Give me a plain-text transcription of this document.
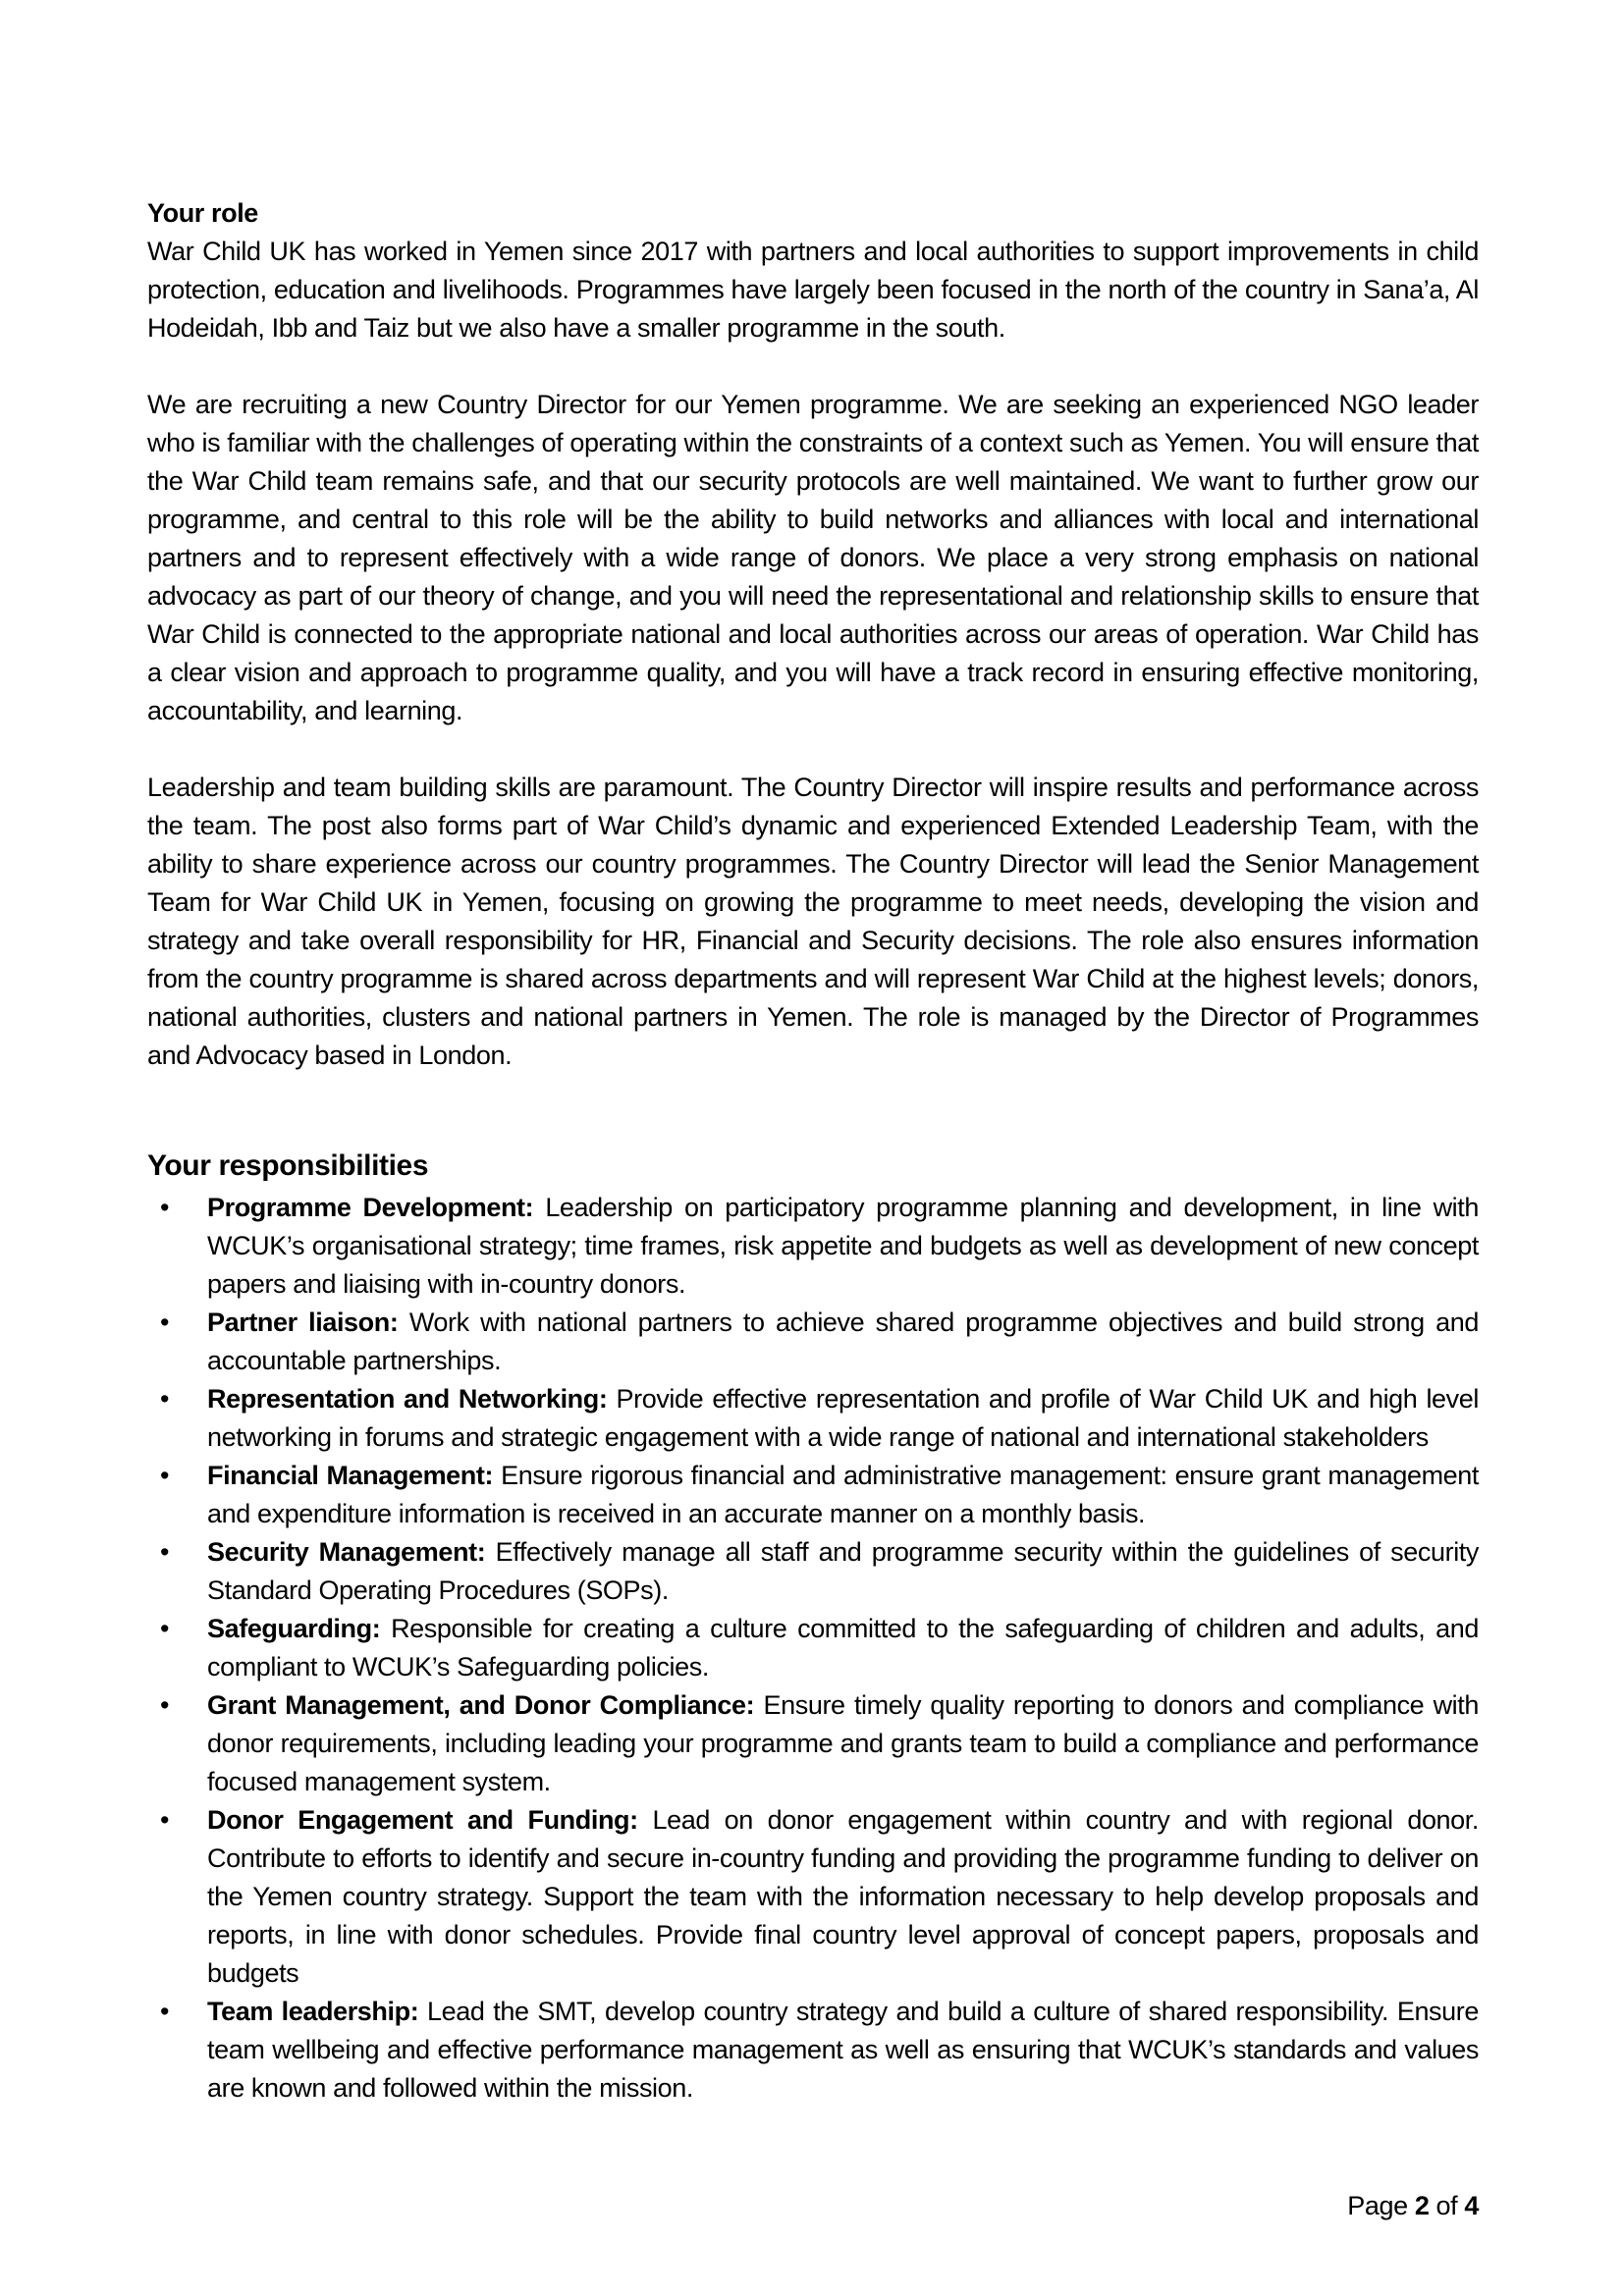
Your role

War Child UK has worked in Yemen since 2017 with partners and local authorities to support improvements in child protection, education and livelihoods. Programmes have largely been focused in the north of the country in Sana’a, Al Hodeidah, Ibb and Taiz but we also have a smaller programme in the south.

We are recruiting a new Country Director for our Yemen programme. We are seeking an experienced NGO leader who is familiar with the challenges of operating within the constraints of a context such as Yemen. You will ensure that the War Child team remains safe, and that our security protocols are well maintained. We want to further grow our programme, and central to this role will be the ability to build networks and alliances with local and international partners and to represent effectively with a wide range of donors. We place a very strong emphasis on national advocacy as part of our theory of change, and you will need the representational and relationship skills to ensure that War Child is connected to the appropriate national and local authorities across our areas of operation. War Child has a clear vision and approach to programme quality, and you will have a track record in ensuring effective monitoring, accountability, and learning.

Leadership and team building skills are paramount. The Country Director will inspire results and performance across the team. The post also forms part of War Child’s dynamic and experienced Extended Leadership Team, with the ability to share experience across our country programmes. The Country Director will lead the Senior Management Team for War Child UK in Yemen, focusing on growing the programme to meet needs, developing the vision and strategy and take overall responsibility for HR, Financial and Security decisions. The role also ensures information from the country programme is shared across departments and will represent War Child at the highest levels; donors, national authorities, clusters and national partners in Yemen. The role is managed by the Director of Programmes and Advocacy based in London.

Your responsibilities
• Programme Development: Leadership on participatory programme planning and development, in line with WCUK’s organisational strategy; time frames, risk appetite and budgets as well as development of new concept papers and liaising with in-country donors.
• Partner liaison: Work with national partners to achieve shared programme objectives and build strong and accountable partnerships.
• Representation and Networking: Provide effective representation and profile of War Child UK and high level networking in forums and strategic engagement with a wide range of national and international stakeholders
• Financial Management: Ensure rigorous financial and administrative management: ensure grant management and expenditure information is received in an accurate manner on a monthly basis.
• Security Management: Effectively manage all staff and programme security within the guidelines of security Standard Operating Procedures (SOPs).
• Safeguarding: Responsible for creating a culture committed to the safeguarding of children and adults, and compliant to WCUK’s Safeguarding policies.
• Grant Management, and Donor Compliance: Ensure timely quality reporting to donors and compliance with donor requirements, including leading your programme and grants team to build a compliance and performance focused management system.
• Donor Engagement and Funding: Lead on donor engagement within country and with regional donor. Contribute to efforts to identify and secure in-country funding and providing the programme funding to deliver on the Yemen country strategy. Support the team with the information necessary to help develop proposals and reports, in line with donor schedules. Provide final country level approval of concept papers, proposals and budgets
• Team leadership: Lead the SMT, develop country strategy and build a culture of shared responsibility. Ensure team wellbeing and effective performance management as well as ensuring that WCUK’s standards and values are known and followed within the mission.
Page 2 of 4
